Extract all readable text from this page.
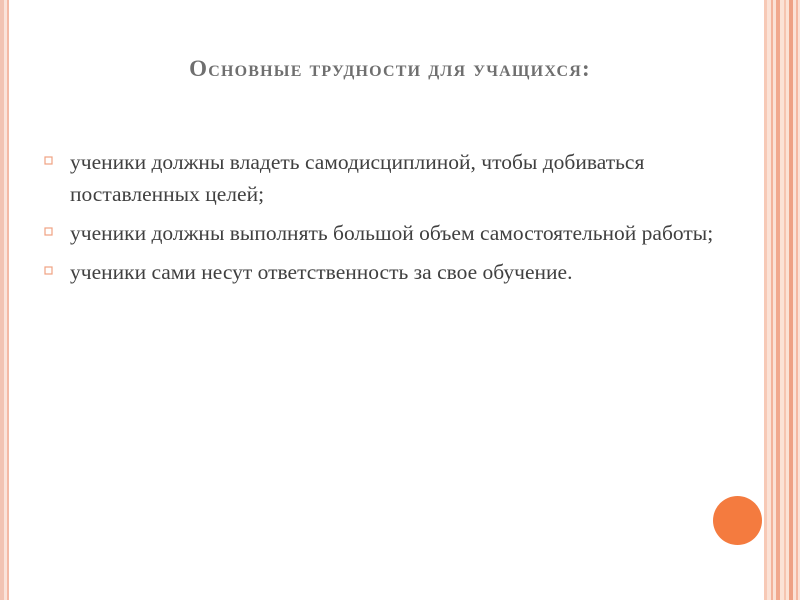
Основные трудности для учащихся:
ученики должны владеть самодисциплиной, чтобы добиваться поставленных целей;
ученики должны выполнять большой объем самостоятельной работы;
ученики сами несут ответственность за свое обучение.
